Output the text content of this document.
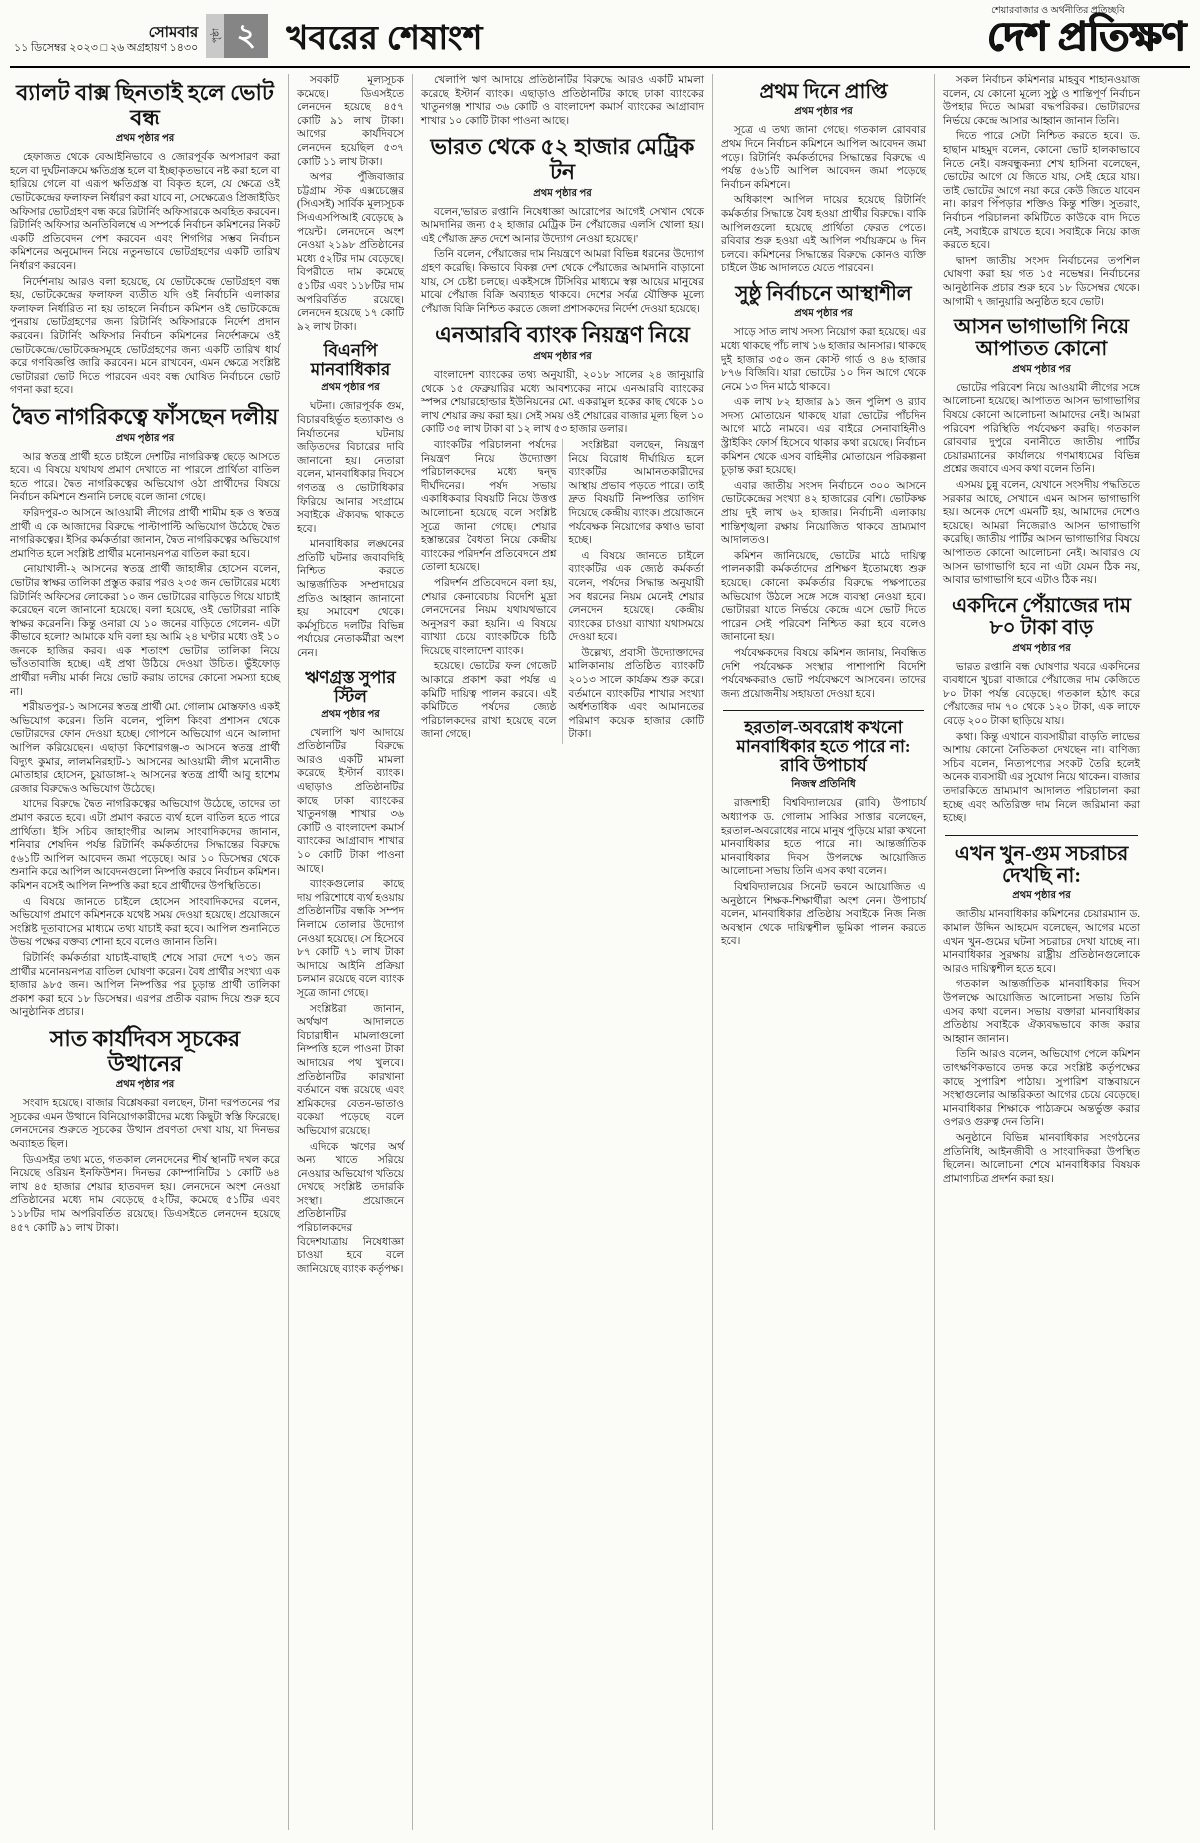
সোমবার
১১ ডিসেম্বর ২০২৩ □ ২৬ অগ্রহায়ণ ১৪৩০
পৃষ্ঠা ২ খবরের শেষাংশ
শেয়ারবাজার ও অর্থনীতির প্রতিচ্ছবি
দেশ প্রতিক্ষণ
ব্যালট বাক্স ছিনতাই হলে ভোট বন্ধ
প্রথম পৃষ্ঠার পর

হেফাজত থেকে বেআইনিভাবে ও জোরপূর্বক অপসারণ করা হলে বা দুর্ঘটনাক্রমে ক্ষতিগ্রস্ত হলে বা ইচ্ছাকৃতভাবে নষ্ট করা হলে বা হারিয়ে গেলে বা এরূপ ক্ষতিগ্রস্ত বা বিকৃত হলে, যে ক্ষেত্রে ওই ভোটকেন্দ্রের ফলাফল নির্ধারণ করা যাবে না, সেক্ষেত্রেও প্রিজাইডিং অফিসার ভোটগ্রহণ বন্ধ করে রিটার্নিং অফিসারকে অবহিত করবেন। রিটার্নিং অফিসার অনতিবিলম্বে এ সম্পর্কে নির্বাচন কমিশনের নিকট একটি প্রতিবেদন পেশ করবেন এবং শিগগির সম্ভব নির্বাচন কমিশনের অনুমোদন নিয়ে নতুনভাবে ভোটগ্রহণের একটি তারিখ নির্ধারণ করবেন।

নির্দেশনায় আরও বলা হয়েছে, যে ভোটকেন্দ্রে ভোটগ্রহণ বন্ধ হয়, ভোটকেন্দ্রের ফলাফল ব্যতীত যদি ওই নির্বাচনি এলাকার ফলাফল নির্ধারিত না হয় তাহলে নির্বাচন কমিশন ওই ভোটকেন্দ্রে পুনরায় ভোটগ্রহণের জন্য রিটার্নিং অফিসারকে নির্দেশ প্রদান করবেন। রিটার্নিং অফিসার নির্বাচন কমিশনের নির্দেশক্রমে ওই ভোটকেন্দ্রে/ভোটকেন্দ্রসমূহে ভোটগ্রহণের জন্য একটি তারিখ ধার্য করে গণবিজ্ঞপ্তি জারি করবেন। মনে রাখবেন, এমন ক্ষেত্রে সংশ্লিষ্ট ভোটাররা ভোট দিতে পারবেন এবং বন্ধ ঘোষিত নির্বাচনে ভোট গণনা করা হবে।

দ্বৈত নাগরিকত্বে ফাঁসছেন দলীয়
প্রথম পৃষ্ঠার পর

আর স্বতন্ত্র প্রার্থী হতে চাইলে দেশটির নাগরিকত্ব ছেড়ে আসতে হবে। এ বিষয়ে যথাযথ প্রমাণ দেখাতে না পারলে প্রার্থিতা বাতিল হতে পারে। দ্বৈত নাগরিকত্বের অভিযোগ ওঠা প্রার্থীদের বিষয়ে নির্বাচন কমিশনে শুনানি চলছে বলে জানা গেছে।

ফরিদপুর-৩ আসনে আওয়ামী লীগের প্রার্থী শামীম হক ও স্বতন্ত্র প্রার্থী এ কে আজাদের বিরুদ্ধে পাল্টাপাল্টি অভিযোগ উঠেছে দ্বৈত নাগরিকত্বের। ইসির কর্মকর্তারা জানান, দ্বৈত নাগরিকত্বের অভিযোগ প্রমাণিত হলে সংশ্লিষ্ট প্রার্থীর মনোনয়নপত্র বাতিল করা হবে।

নোয়াখালী-২ আসনের স্বতন্ত্র প্রার্থী জাহাঙ্গীর হোসেন বলেন, ভোটার স্বাক্ষর তালিকা প্রস্তুত করার পরও ২৩৫ জন ভোটারের মধ্যে রিটার্নিং অফিসের লোকেরা ১০ জন ভোটারের বাড়িতে গিয়ে যাচাই করেছেন বলে জানানো হয়েছে। বলা হয়েছে, ওই ভোটাররা নাকি স্বাক্ষর করেননি। কিন্তু ওনারা যে ১০ জনের বাড়িতে গেলেন- এটা কীভাবে হলো? আমাকে যদি বলা হয় আমি ২৪ ঘণ্টার মধ্যে ওই ১০ জনকে হাজির করব। এক শতাংশ ভোটার তালিকা নিয়ে ভাঁওতাবাজি হচ্ছে। এই প্রথা উঠিয়ে দেওয়া উচিত। ভুঁইফোড় প্রার্থীরা দলীয় মার্কা নিয়ে ভোট করায় তাদের কোনো সমস্যা হচ্ছে না।

শরীয়তপুর-১ আসনের স্বতন্ত্র প্রার্থী মো. গোলাম মোস্তফাও একই অভিযোগ করেন। তিনি বলেন, পুলিশ কিংবা প্রশাসন থেকে ভোটারদের ফোন দেওয়া হচ্ছে। গোপনে অভিযোগ এনে আলাদা আপিল করিয়েছেন। এছাড়া কিশোরগঞ্জ-৩ আসনে স্বতন্ত্র প্রার্থী বিদ্যুৎ কুমার, লালমনিরহাট-১ আসনের আওয়ামী লীগ মনোনীত মোতাহার হোসেন, চুয়াডাঙ্গা-২ আসনের স্বতন্ত্র প্রার্থী আবু হাশেম রেজার বিরুদ্ধেও অভিযোগ উঠেছে।

যাদের বিরুদ্ধে দ্বৈত নাগরিকত্বের অভিযোগ উঠেছে, তাদের তা প্রমাণ করতে হবে। এটা প্রমাণ করতে ব্যর্থ হলে বাতিল হতে পারে প্রার্থিতা। ইসি সচিব জাহাংগীর আলম সাংবাদিকদের জানান, শনিবার শেষদিন পর্যন্ত রিটার্নিং কর্মকর্তাদের সিদ্ধান্তের বিরুদ্ধে ৫৬১টি আপিল আবেদন জমা পড়েছে। আর ১০ ডিসেম্বর থেকে শুনানি করে আপিল আবেদনগুলো নিষ্পত্তি করবে নির্বাচন কমিশন। কমিশন বসেই আপিল নিষ্পত্তি করা হবে প্রার্থীদের উপস্থিতিতে।

এ বিষয়ে জানতে চাইলে হোসেন সাংবাদিকদের বলেন, অভিযোগ প্রমাণে কমিশনকে যথেষ্ট সময় দেওয়া হয়েছে। প্রয়োজনে সংশ্লিষ্ট দূতাবাসের মাধ্যমে তথ্য যাচাই করা হবে। আপিল শুনানিতে উভয় পক্ষের বক্তব্য শোনা হবে বলেও জানান তিনি।

রিটার্নিং কর্মকর্তারা যাচাই-বাছাই শেষে সারা দেশে ৭৩১ জন প্রার্থীর মনোনয়নপত্র বাতিল ঘোষণা করেন। বৈধ প্রার্থীর সংখ্যা এক হাজার ৯৮৫ জন। আপিল নিষ্পত্তির পর চূড়ান্ত প্রার্থী তালিকা প্রকাশ করা হবে ১৮ ডিসেম্বর। এরপর প্রতীক বরাদ্দ দিয়ে শুরু হবে আনুষ্ঠানিক প্রচার।

সাত কার্যদিবস সূচকের উত্থানের
প্রথম পৃষ্ঠার পর

সংবাদ হয়েছে। বাজার বিশ্লেষকরা বলছেন, টানা দরপতনের পর সূচকের এমন উত্থানে বিনিয়োগকারীদের মধ্যে কিছুটা স্বস্তি ফিরেছে। লেনদেনের শুরুতে সূচকের উত্থান প্রবণতা দেখা যায়, যা দিনভর অব্যাহত ছিল।

ডিএসইর তথ্য মতে, গতকাল লেনদেনের শীর্ষ স্থানটি দখল করে নিয়েছে ওরিয়ন ইনফিউশন। দিনভর কোম্পানিটির ১ কোটি ৬৪ লাখ ৪৫ হাজার শেয়ার হাতবদল হয়। লেনদেনে অংশ নেওয়া প্রতিষ্ঠানের মধ্যে দাম বেড়েছে ৫২টির, কমেছে ৫১টির এবং ১১৮টির দাম অপরিবর্তিত রয়েছে। ডিএসইতে লেনদেন হয়েছে ৪৫৭ কোটি ৯১ লাখ টাকা।

সবকটি মূল্যসূচক কমেছে। ডিএসইতে লেনদেন হয়েছে ৪৫৭ কোটি ৯১ লাখ টাকা। আগের কার্যদিবসে লেনদেন হয়েছিল ৫৩৭ কোটি ১১ লাখ টাকা।

অপর পুঁজিবাজার চট্টগ্রাম স্টক এক্সচেঞ্জের (সিএসই) সার্বিক মূল্যসূচক সিএএসপিআই বেড়েছে ৯ পয়েন্ট। লেনদেনে অংশ নেওয়া ২১৯৮ প্রতিষ্ঠানের মধ্যে ৫২টির দাম বেড়েছে। বিপরীতে দাম কমেছে ৫১টির এবং ১১৮টির দাম অপরিবর্তিত রয়েছে। লেনদেন হয়েছে ১৭ কোটি ৯২ লাখ টাকা।

বিএনপি মানবাধিকার
প্রথম পৃষ্ঠার পর

ঘটনা। জোরপূর্বক গুম, বিচারবহির্ভূত হত্যাকাণ্ড ও নির্যাতনের ঘটনায় জড়িতদের বিচারের দাবি জানানো হয়। নেতারা বলেন, মানবাধিকার দিবসে গণতন্ত্র ও ভোটাধিকার ফিরিয়ে আনার সংগ্রামে সবাইকে ঐক্যবদ্ধ থাকতে হবে।

মানবাধিকার লঙ্ঘনের প্রতিটি ঘটনার জবাবদিহি নিশ্চিত করতে আন্তর্জাতিক সম্প্রদায়ের প্রতিও আহ্বান জানানো হয় সমাবেশ থেকে। কর্মসূচিতে দলটির বিভিন্ন পর্যায়ের নেতাকর্মীরা অংশ নেন।

ঋণগ্রস্ত সুপার স্টিল
প্রথম পৃষ্ঠার পর

খেলাপি ঋণ আদায়ে প্রতিষ্ঠানটির বিরুদ্ধে আরও একটি মামলা করেছে ইস্টার্ন ব্যাংক। এছাড়াও প্রতিষ্ঠানটির কাছে ঢাকা ব্যাংকের খাতুনগঞ্জ শাখার ৩৬ কোটি ও বাংলাদেশ কমার্স ব্যাংকের আগ্রাবাদ শাখার ১০ কোটি টাকা পাওনা আছে।

ব্যাংকগুলোর কাছে দায় পরিশোধে ব্যর্থ হওয়ায় প্রতিষ্ঠানটির বন্ধকি সম্পদ নিলামে তোলার উদ্যোগ নেওয়া হয়েছে। সে হিসেবে ৮৭ কোটি ৭১ লাখ টাকা আদায়ে আইনি প্রক্রিয়া চলমান রয়েছে বলে ব্যাংক সূত্রে জানা গেছে।

সংশ্লিষ্টরা জানান, অর্থঋণ আদালতে বিচারাধীন মামলাগুলো নিষ্পত্তি হলে পাওনা টাকা আদায়ের পথ খুলবে। প্রতিষ্ঠানটির কারখানা বর্তমানে বন্ধ রয়েছে এবং শ্রমিকদের বেতন-ভাতাও বকেয়া পড়েছে বলে অভিযোগ রয়েছে।

এদিকে ঋণের অর্থ অন্য খাতে সরিয়ে নেওয়ার অভিযোগ খতিয়ে দেখছে সংশ্লিষ্ট তদারকি সংস্থা। প্রয়োজনে প্রতিষ্ঠানটির পরিচালকদের বিদেশযাত্রায় নিষেধাজ্ঞা চাওয়া হবে বলে জানিয়েছে ব্যাংক কর্তৃপক্ষ।

খেলাপি ঋণ আদায়ে প্রতিষ্ঠানটির বিরুদ্ধে আরও একটি মামলা করেছে ইস্টার্ন ব্যাংক। এছাড়াও প্রতিষ্ঠানটির কাছে ঢাকা ব্যাংকের খাতুনগঞ্জ শাখার ৩৬ কোটি ও বাংলাদেশ কমার্স ব্যাংকের আগ্রাবাদ শাখার ১০ কোটি টাকা পাওনা আছে।

ভারত থেকে ৫২ হাজার মেট্রিক টন
প্রথম পৃষ্ঠার পর

বলেন,'ভারত রপ্তানি নিষেধাজ্ঞা আরোপের আগেই সেখান থেকে আমদানির জন্য ৫২ হাজার মেট্রিক টন পেঁয়াজের এলসি খোলা হয়। এই পেঁয়াজ দ্রুত দেশে আনার উদ্যোগ নেওয়া হয়েছে।'

তিনি বলেন, পেঁয়াজের দাম নিয়ন্ত্রণে আমরা বিভিন্ন ধরনের উদ্যোগ গ্রহণ করেছি। কিভাবে বিকল্প দেশ থেকে পেঁয়াজের আমদানি বাড়ানো যায়, সে চেষ্টা চলছে। একইসঙ্গে টিসিবির মাধ্যমে স্বল্প আয়ের মানুষের মাঝে পেঁয়াজ বিক্রি অব্যাহত থাকবে। দেশের সর্বত্র যৌক্তিক মূল্যে পেঁয়াজ বিক্রি নিশ্চিত করতে জেলা প্রশাসকদের নির্দেশ দেওয়া হয়েছে।

এনআরবি ব্যাংক নিয়ন্ত্রণ নিয়ে
প্রথম পৃষ্ঠার পর

বাংলাদেশ ব্যাংকের তথ্য অনুযায়ী, ২০১৮ সালের ২৪ জানুয়ারি থেকে ১৫ ফেব্রুয়ারির মধ্যে আবশ্যকের নামে এনআরবি ব্যাংকের স্পন্সর শেয়ারহোল্ডার ইউনিয়নের মো. একরামুল হকের কাছ থেকে ১০ লাখ শেয়ার ক্রয় করা হয়। সেই সময় ওই শেয়ারের বাজার মূল্য ছিল ১০ কোটি ৩৫ লাখ টাকা বা ১২ লাখ ৫৩ হাজার ডলার।

ব্যাংকটির পরিচালনা পর্ষদের নিয়ন্ত্রণ নিয়ে উদ্যোক্তা পরিচালকদের মধ্যে দ্বন্দ্ব দীর্ঘদিনের। পর্ষদ সভায় একাধিকবার বিষয়টি নিয়ে উত্তপ্ত আলোচনা হয়েছে বলে সংশ্লিষ্ট সূত্রে জানা গেছে। শেয়ার হস্তান্তরের বৈধতা নিয়ে কেন্দ্রীয় ব্যাংকের পরিদর্শন প্রতিবেদনে প্রশ্ন তোলা হয়েছে।

পরিদর্শন প্রতিবেদনে বলা হয়, শেয়ার কেনাবেচায় বিদেশি মুদ্রা লেনদেনের নিয়ম যথাযথভাবে অনুসরণ করা হয়নি। এ বিষয়ে ব্যাখ্যা চেয়ে ব্যাংকটিকে চিঠি দিয়েছে বাংলাদেশ ব্যাংক।

হয়েছে। ভোটের ফল গেজেট আকারে প্রকাশ করা পর্যন্ত এ কমিটি দায়িত্ব পালন করবে। এই কমিটিতে পর্ষদের জ্যেষ্ঠ পরিচালকদের রাখা হয়েছে বলে জানা গেছে।

সংশ্লিষ্টরা বলছেন, নিয়ন্ত্রণ নিয়ে বিরোধ দীর্ঘায়িত হলে ব্যাংকটির আমানতকারীদের আস্থায় প্রভাব পড়তে পারে। তাই দ্রুত বিষয়টি নিষ্পত্তির তাগিদ দিয়েছে কেন্দ্রীয় ব্যাংক। প্রয়োজনে পর্যবেক্ষক নিয়োগের কথাও ভাবা হচ্ছে।

এ বিষয়ে জানতে চাইলে ব্যাংকটির এক জ্যেষ্ঠ কর্মকর্তা বলেন, পর্ষদের সিদ্ধান্ত অনুযায়ী সব ধরনের নিয়ম মেনেই শেয়ার লেনদেন হয়েছে। কেন্দ্রীয় ব্যাংকের চাওয়া ব্যাখ্যা যথাসময়ে দেওয়া হবে।

উল্লেখ্য, প্রবাসী উদ্যোক্তাদের মালিকানায় প্রতিষ্ঠিত ব্যাংকটি ২০১৩ সালে কার্যক্রম শুরু করে। বর্তমানে ব্যাংকটির শাখার সংখ্যা অর্ধশতাধিক এবং আমানতের পরিমাণ কয়েক হাজার কোটি টাকা।

প্রথম দিনে প্রাপ্তি
প্রথম পৃষ্ঠার পর

সূত্রে এ তথ্য জানা গেছে। গতকাল রোববার প্রথম দিনে নির্বাচন কমিশনে আপিল আবেদন জমা পড়ে। রিটার্নিং কর্মকর্তাদের সিদ্ধান্তের বিরুদ্ধে এ পর্যন্ত ৫৬১টি আপিল আবেদন জমা পড়েছে নির্বাচন কমিশনে।

অধিকাংশ আপিল দায়ের হয়েছে রিটার্নিং কর্মকর্তার সিদ্ধান্তে বৈধ হওয়া প্রার্থীর বিরুদ্ধে। বাকি আপিলগুলো হয়েছে প্রার্থিতা ফেরত পেতে। রবিবার শুরু হওয়া এই আপিল পর্যায়ক্রমে ৬ দিন চলবে। কমিশনের সিদ্ধান্তের বিরুদ্ধে কোনও ব্যক্তি চাইলে উচ্চ আদালতে যেতে পারবেন।

সুষ্ঠু নির্বাচনে আস্থাশীল
প্রথম পৃষ্ঠার পর

সাড়ে সাত লাখ সদস্য নিয়োগ করা হয়েছে। এর মধ্যে থাকছে পাঁচ লাখ ১৬ হাজার আনসার। থাকছে দুই হাজার ৩৫০ জন কোস্ট গার্ড ও ৪৬ হাজার ৮৭৬ বিজিবি। যারা ভোটের ১০ দিন আগে থেকে নেমে ১৩ দিন মাঠে থাকবে।

এক লাখ ৮২ হাজার ৯১ জন পুলিশ ও র‍্যাব সদস্য মোতায়েন থাকছে যারা ভোটের পাঁচদিন আগে মাঠে নামবে। এর বাইরে সেনাবাহিনীও স্ট্রাইকিং ফোর্স হিসেবে থাকার কথা রয়েছে। নির্বাচন কমিশন থেকে এসব বাহিনীর মোতায়েন পরিকল্পনা চূড়ান্ত করা হয়েছে।

এবার জাতীয় সংসদ নির্বাচনে ৩০০ আসনে ভোটকেন্দ্রের সংখ্যা ৪২ হাজারের বেশি। ভোটকক্ষ প্রায় দুই লাখ ৬২ হাজার। নির্বাচনী এলাকায় শান্তিশৃঙ্খলা রক্ষায় নিয়োজিত থাকবে ভ্রাম্যমাণ আদালতও।

কমিশন জানিয়েছে, ভোটের মাঠে দায়িত্ব পালনকারী কর্মকর্তাদের প্রশিক্ষণ ইতোমধ্যে শুরু হয়েছে। কোনো কর্মকর্তার বিরুদ্ধে পক্ষপাতের অভিযোগ উঠলে সঙ্গে সঙ্গে ব্যবস্থা নেওয়া হবে। ভোটাররা যাতে নির্ভয়ে কেন্দ্রে এসে ভোট দিতে পারেন সেই পরিবেশ নিশ্চিত করা হবে বলেও জানানো হয়।

পর্যবেক্ষকদের বিষয়ে কমিশন জানায়, নিবন্ধিত দেশি পর্যবেক্ষক সংস্থার পাশাপাশি বিদেশি পর্যবেক্ষকরাও ভোট পর্যবেক্ষণে আসবেন। তাদের জন্য প্রয়োজনীয় সহায়তা দেওয়া হবে।

হরতাল-অবরোধ কখনো মানবাধিকার হতে পারে না: রাবি উপাচার্য
নিজস্ব প্রতিনিধি

রাজশাহী বিশ্ববিদ্যালয়ের (রাবি) উপাচার্য অধ্যাপক ড. গোলাম সাব্বির সাত্তার বলেছেন, হরতাল-অবরোধের নামে মানুষ পুড়িয়ে মারা কখনো মানবাধিকার হতে পারে না। আন্তর্জাতিক মানবাধিকার দিবস উপলক্ষে আয়োজিত আলোচনা সভায় তিনি এসব কথা বলেন।

বিশ্ববিদ্যালয়ের সিনেট ভবনে আয়োজিত এ অনুষ্ঠানে শিক্ষক-শিক্ষার্থীরা অংশ নেন। উপাচার্য বলেন, মানবাধিকার প্রতিষ্ঠায় সবাইকে নিজ নিজ অবস্থান থেকে দায়িত্বশীল ভূমিকা পালন করতে হবে।

সকল নির্বাচন কমিশনার মাহবুব শাহানওয়াজ বলেন, যে কোনো মূল্যে সুষ্ঠু ও শান্তিপূর্ণ নির্বাচন উপহার দিতে আমরা বদ্ধপরিকর। ভোটারদের নির্ভয়ে কেন্দ্রে আসার আহ্বান জানান তিনি।

দিতে পারে সেটা নিশ্চিত করতে হবে। ড. হাছান মাহমুদ বলেন, কোনো ভোট হালকাভাবে নিতে নেই। বঙ্গবন্ধুকন্যা শেখ হাসিনা বলেছেন, ভোটের আগে যে জিতে যায়, সেই হেরে যায়। তাই ভোটের আগে নয়া করে কেউ জিতে যাবেন না। কারণ পিঁপড়ার শক্তিও কিন্তু শক্তি। সুতরাং, নির্বাচন পরিচালনা কমিটিতে কাউকে বাদ দিতে নেই, সবাইকে রাখতে হবে। সবাইকে নিয়ে কাজ করতে হবে।

দ্বাদশ জাতীয় সংসদ নির্বাচনের তপশিল ঘোষণা করা হয় গত ১৫ নভেম্বর। নির্বাচনের আনুষ্ঠানিক প্রচার শুরু হবে ১৮ ডিসেম্বর থেকে। আগামী ৭ জানুয়ারি অনুষ্ঠিত হবে ভোট।

আসন ভাগাভাগি নিয়ে আপাতত কোনো
প্রথম পৃষ্ঠার পর

ভোটের পরিবেশ নিয়ে আওয়ামী লীগের সঙ্গে আলোচনা হয়েছে। আপাতত আসন ভাগাভাগির বিষয়ে কোনো আলোচনা আমাদের নেই। আমরা পরিবেশ পরিস্থিতি পর্যবেক্ষণ করছি। গতকাল রোববার দুপুরে বনানীতে জাতীয় পার্টির চেয়ারম্যানের কার্যালয়ে গণমাধ্যমের বিভিন্ন প্রশ্নের জবাবে এসব কথা বলেন তিনি।

এসময় চুন্নু বলেন, যেখানে সংসদীয় পদ্ধতিতে সরকার আছে, সেখানে এমন আসন ভাগাভাগি হয়। অনেক দেশে এমনটি হয়, আমাদের দেশেও হয়েছে। আমরা নিজেরাও আসন ভাগাভাগি করেছি। জাতীয় পার্টির আসন ভাগাভাগির বিষয়ে আপাতত কোনো আলোচনা নেই। আবারও যে আসন ভাগাভাগি হবে না এটা যেমন ঠিক নয়, আবার ভাগাভাগি হবে এটাও ঠিক নয়।

একদিনে পেঁয়াজের দাম ৮০ টাকা বাড়
প্রথম পৃষ্ঠার পর

ভারত রপ্তানি বন্ধ ঘোষণার খবরে একদিনের ব্যবধানে খুচরা বাজারে পেঁয়াজের দাম কেজিতে ৮০ টাকা পর্যন্ত বেড়েছে। গতকাল হঠাৎ করে পেঁয়াজের দাম ৭০ থেকে ১২০ টাকা, এক লাফে বেড়ে ২০০ টাকা ছাড়িয়ে যায়।

কথা। কিন্তু এখানে ব্যবসায়ীরা বাড়তি লাভের আশায় কোনো নৈতিকতা দেখছেন না। বাণিজ্য সচিব বলেন, নিত্যপণ্যের সংকট তৈরি হলেই অনেক ব্যবসায়ী এর সুযোগ নিয়ে থাকেন। বাজার তদারকিতে ভ্রাম্যমাণ আদালত পরিচালনা করা হচ্ছে এবং অতিরিক্ত দাম নিলে জরিমানা করা হচ্ছে।

এখন খুন-গুম সচরাচর দেখছি না:
প্রথম পৃষ্ঠার পর

জাতীয় মানবাধিকার কমিশনের চেয়ারম্যান ড. কামাল উদ্দিন আহমেদ বলেছেন, আগের মতো এখন খুন-গুমের ঘটনা সচরাচর দেখা যাচ্ছে না। মানবাধিকার সুরক্ষায় রাষ্ট্রীয় প্রতিষ্ঠানগুলোকে আরও দায়িত্বশীল হতে হবে।

গতকাল আন্তর্জাতিক মানবাধিকার দিবস উপলক্ষে আয়োজিত আলোচনা সভায় তিনি এসব কথা বলেন। সভায় বক্তারা মানবাধিকার প্রতিষ্ঠায় সবাইকে ঐক্যবদ্ধভাবে কাজ করার আহ্বান জানান।

তিনি আরও বলেন, অভিযোগ পেলে কমিশন তাৎক্ষণিকভাবে তদন্ত করে সংশ্লিষ্ট কর্তৃপক্ষের কাছে সুপারিশ পাঠায়। সুপারিশ বাস্তবায়নে সংস্থাগুলোর আন্তরিকতা আগের চেয়ে বেড়েছে। মানবাধিকার শিক্ষাকে পাঠ্যক্রমে অন্তর্ভুক্ত করার ওপরও গুরুত্ব দেন তিনি।

অনুষ্ঠানে বিভিন্ন মানবাধিকার সংগঠনের প্রতিনিধি, আইনজীবী ও সাংবাদিকরা উপস্থিত ছিলেন। আলোচনা শেষে মানবাধিকার বিষয়ক প্রামাণ্যচিত্র প্রদর্শন করা হয়।
